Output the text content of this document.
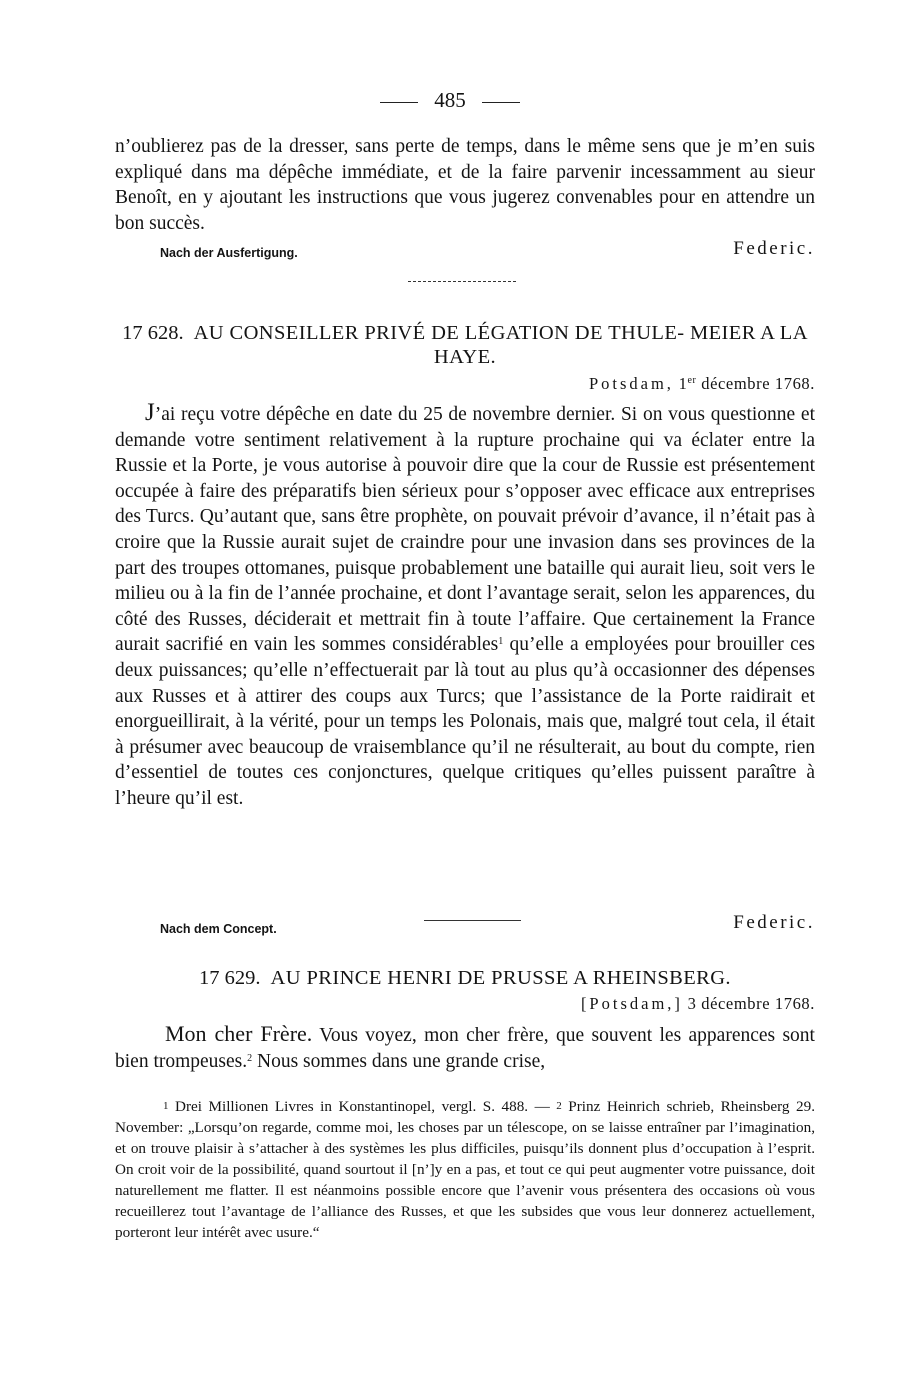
485

n’oublierez pas de la dresser, sans perte de temps, dans le même sens que je m’en suis expliqué dans ma dépêche immédiate, et de la faire parvenir incessamment au sieur Benoît, en y ajoutant les instructions que vous jugerez convenables pour en attendre un bon succès.

Nach der Ausfertigung.	Federic.
17 628. AU CONSEILLER PRIVÉ DE LÉGATION DE THULE- MEIER A LA HAYE.
Potsdam, 1er décembre 1768.

J’ai reçu votre dépêche en date du 25 de novembre dernier. Si on vous questionne et demande votre sentiment relativement à la rupture prochaine qui va éclater entre la Russie et la Porte, je vous autorise à pouvoir dire que la cour de Russie est présentement occupée à faire des préparatifs bien sérieux pour s’opposer avec efficace aux entreprises des Turcs. Qu’autant que, sans être prophète, on pouvait prévoir d’avance, il n’était pas à croire que la Russie aurait sujet de craindre pour une invasion dans ses provinces de la part des troupes ottomanes, puisque probablement une bataille qui aurait lieu, soit vers le milieu ou à la fin de l’année prochaine, et dont l’avantage serait, selon les apparences, du côté des Russes, déciderait et mettrait fin à toute l’affaire. Que certainement la France aurait sacrifié en vain les sommes considérables$^1$ qu’elle a employées pour brouiller ces deux puissances; qu’elle n’effectuerait par là tout au plus qu’à occasionner des dépenses aux Russes et à attirer des coups aux Turcs; que l’assistance de la Porte raidirait et enorgueillirait, à la vérité, pour un temps les Polonais, mais que, malgré tout cela, il était à présumer avec beaucoup de vraisemblance qu’il ne résulterait, au bout du compte, rien d’essentiel de toutes ces conjonctures, quelque critiques qu’elles puissent paraître à l’heure qu’il est.

Nach dem Concept.	Federic.
17 629. AU PRINCE HENRI DE PRUSSE A RHEINSBERG.
[Potsdam,] 3 décembre 1768.

Mon cher Frère. Vous voyez, mon cher frère, que souvent les apparences sont bien trompeuses.$^2$ Nous sommes dans une grande crise,

1 Drei Millionen Livres in Konstantinopel, vergl. S. 488. — 2 Prinz Heinrich schrieb, Rheinsberg 29. November: „Lorsqu’on regarde, comme moi, les choses par un télescope, on se laisse entraîner par l’imagination, et on trouve plaisir à s’attacher à des systèmes les plus difficiles, puisqu’ils donnent plus d’occupation à l’esprit. On croit voir de la possibilité, quand sourtout il [n’]y en a pas, et tout ce qui peut augmenter votre puissance, doit naturellement me flatter. Il est néanmoins possible encore que l’avenir vous présentera des occasions où vous recueillerez tout l’avantage de l’alliance des Russes, et que les subsides que vous leur donnerez actuellement, porteront leur intérêt avec usure.“
